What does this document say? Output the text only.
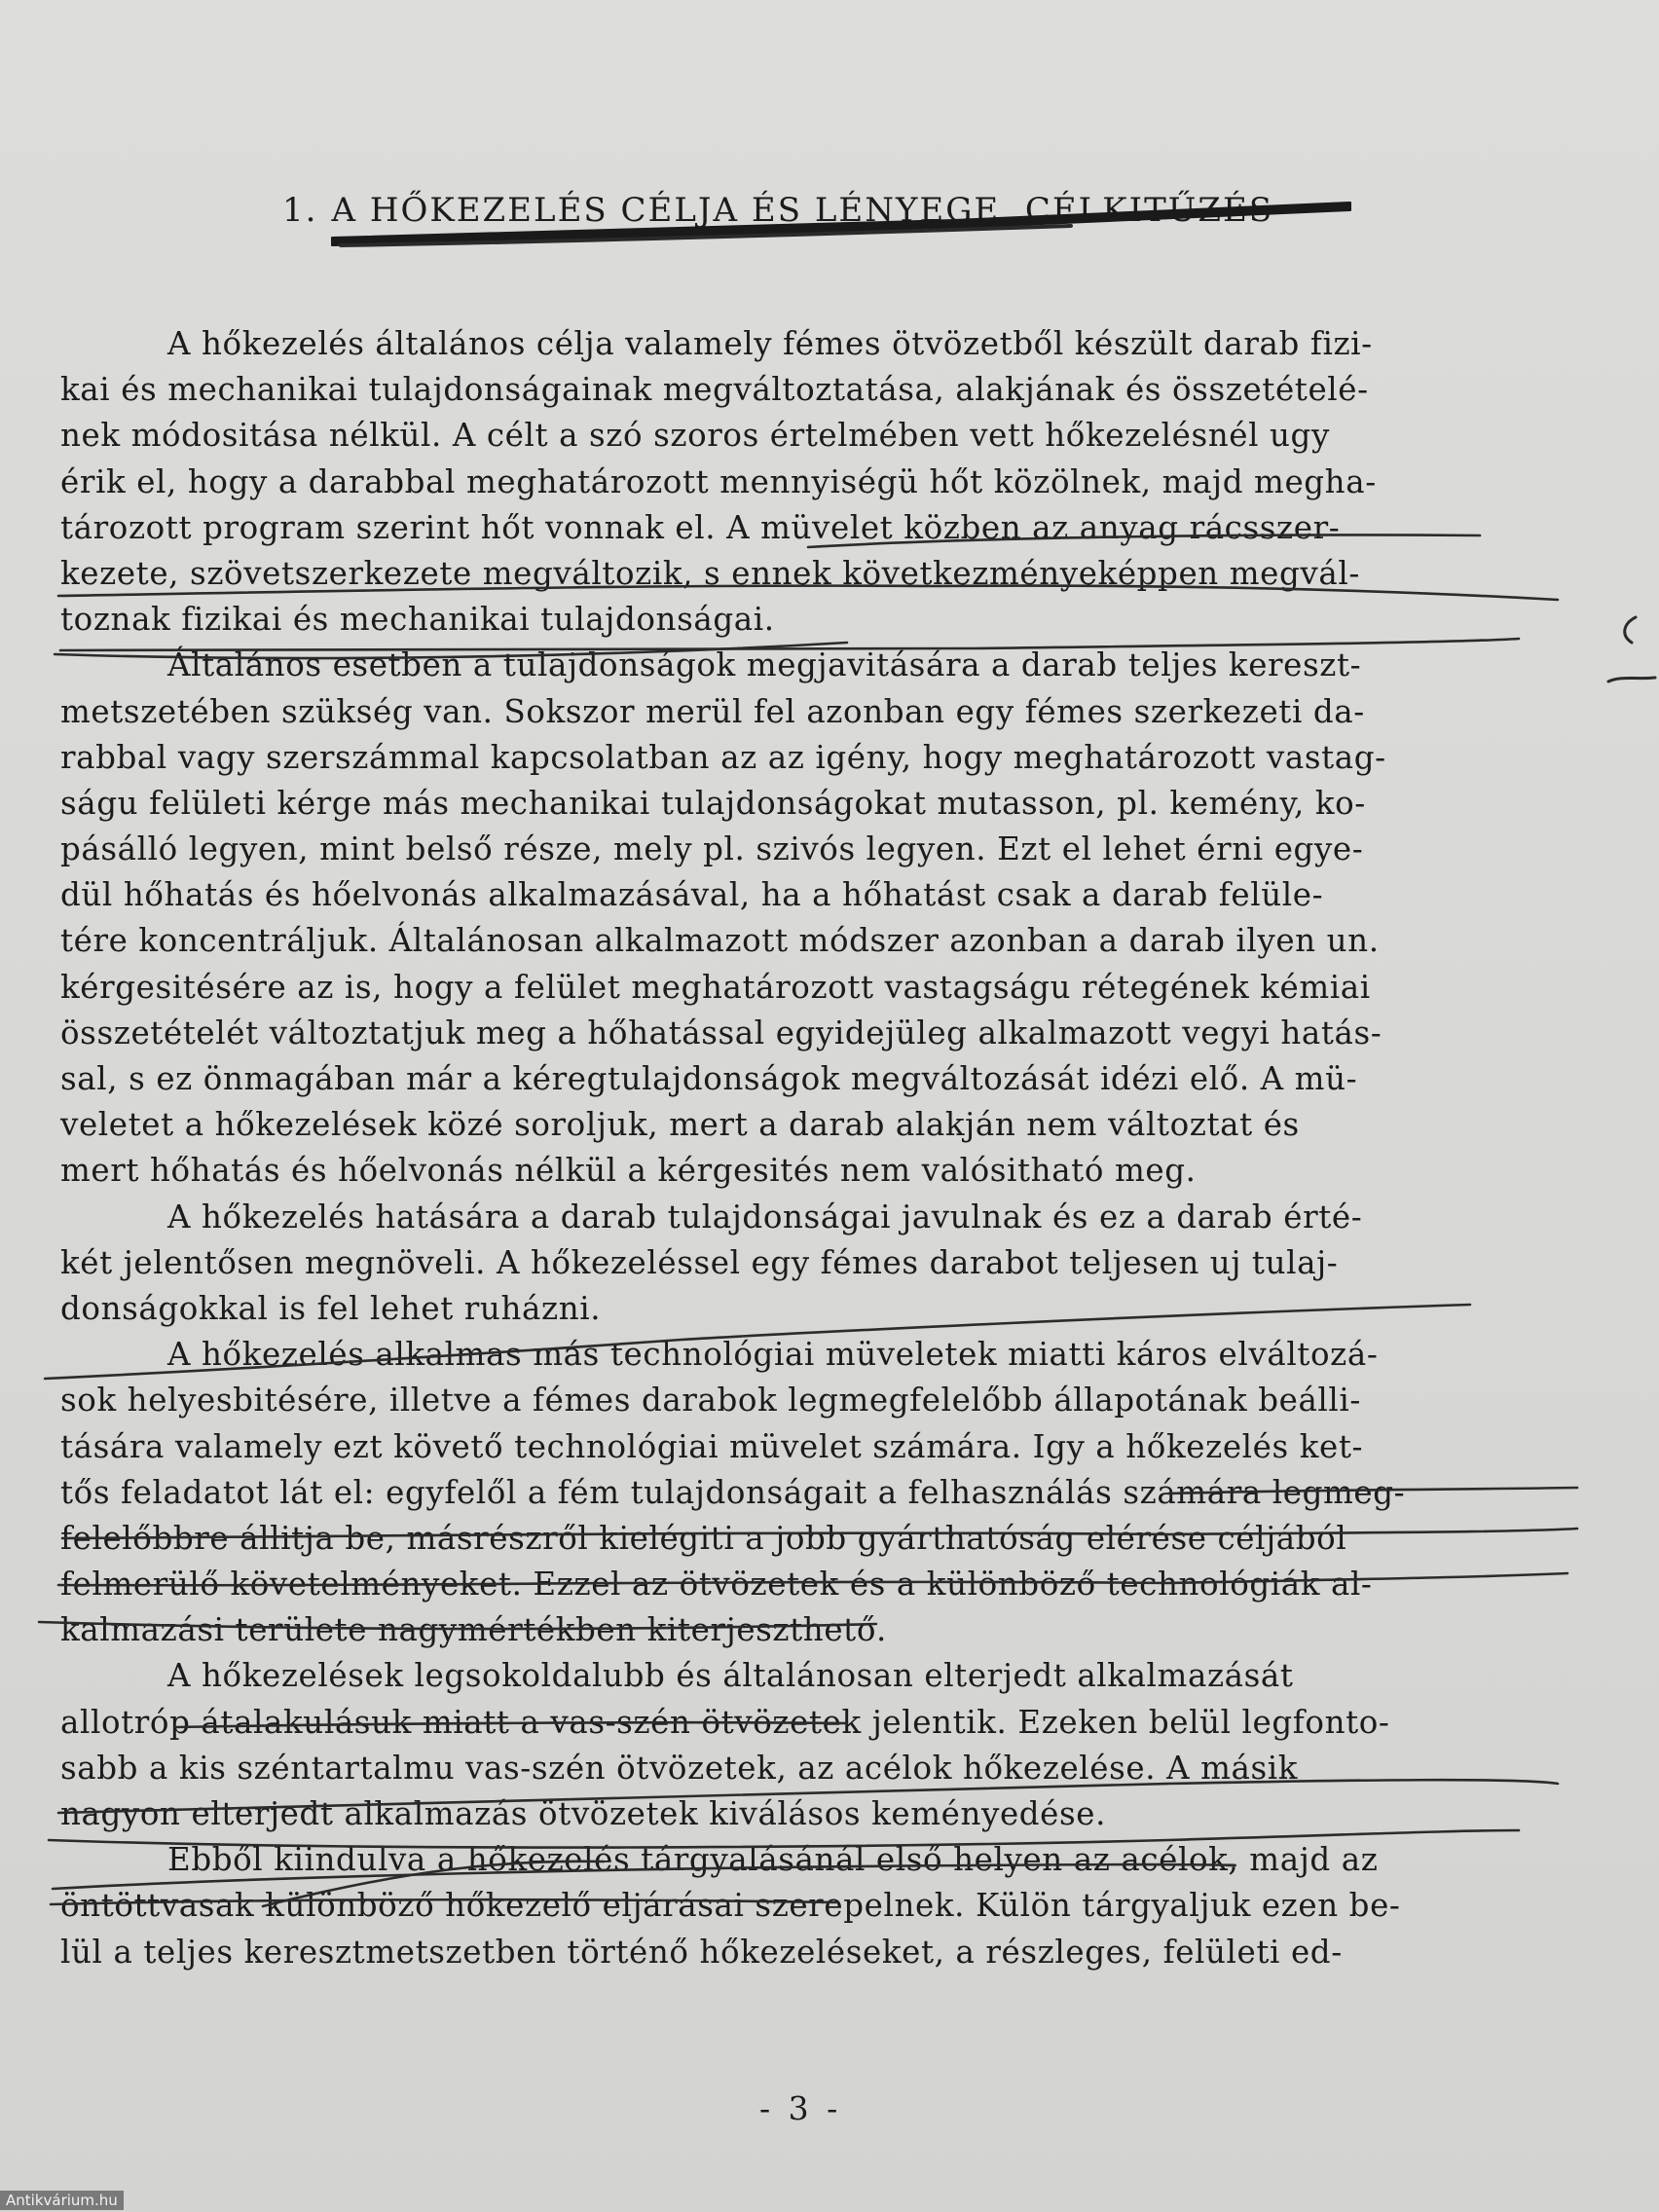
1. A HŐKEZELÉS CÉLJA ÉS LÉNYEGE, CÉLKITŰZÉS
A hőkezelés általános célja valamely fémes ötvözetből készült darab fizi-
kai és mechanikai tulajdonságainak megváltoztatása, alakjának és összetételé-
nek módositása nélkül. A célt a szó szoros értelmében vett hőkezelésnél ugy
érik el, hogy a darabbal meghatározott mennyiségü hőt közölnek, majd megha-
tározott program szerint hőt vonnak el. A müvelet közben az anyag rácsszer-
kezete, szövetszerkezete megváltozik, s ennek következményeképpen megvál-
toznak fizikai és mechanikai tulajdonságai.
Általános esetben a tulajdonságok megjavitására a darab teljes kereszt-
metszetében szükség van. Sokszor merül fel azonban egy fémes szerkezeti da-
rabbal vagy szerszámmal kapcsolatban az az igény, hogy meghatározott vastag-
ságu felületi kérge más mechanikai tulajdonságokat mutasson, pl. kemény, ko-
pásálló legyen, mint belső része, mely pl. szivós legyen. Ezt el lehet érni egye-
dül hőhatás és hőelvonás alkalmazásával, ha a hőhatást csak a darab felüle-
tére koncentráljuk. Általánosan alkalmazott módszer azonban a darab ilyen un.
kérgesitésére az is, hogy a felület meghatározott vastagságu rétegének kémiai
összetételét változtatjuk meg a hőhatással egyidejüleg alkalmazott vegyi hatás-
sal, s ez önmagában már a kéregtulajdonságok megváltozását idézi elő. A mü-
veletet a hőkezelések közé soroljuk, mert a darab alakján nem változtat és
mert hőhatás és hőelvonás nélkül a kérgesités nem valósitható meg.
A hőkezelés hatására a darab tulajdonságai javulnak és ez a darab érté-
két jelentősen megnöveli. A hőkezeléssel egy fémes darabot teljesen uj tulaj-
donságokkal is fel lehet ruházni.
A hőkezelés alkalmas más technológiai müveletek miatti káros elváltozá-
sok helyesbitésére, illetve a fémes darabok legmegfelelőbb állapotának beálli-
tására valamely ezt követő technológiai müvelet számára. Igy a hőkezelés ket-
tős feladatot lát el: egyfelől a fém tulajdonságait a felhasználás számára legmeg-
felelőbbre állitja be, másrészről kielégiti a jobb gyárthatóság elérése céljából
felmerülő követelményeket. Ezzel az ötvözetek és a különböző technológiák al-
kalmazási területe nagymértékben kiterjeszthető.
A hőkezelések legsokoldalubb és általánosan elterjedt alkalmazását
allotróp átalakulásuk miatt a vas-szén ötvözetek jelentik. Ezeken belül legfonto-
sabb a kis széntartalmu vas-szén ötvözetek, az acélok hőkezelése. A másik
nagyon elterjedt alkalmazás ötvözetek kiválásos keményedése.
Ebből kiindulva a hőkezelés tárgyalásánál első helyen az acélok, majd az
öntöttvasak különböző hőkezelő eljárásai szerepelnek. Külön tárgyaljuk ezen be-
lül a teljes keresztmetszetben történő hőkezeléseket, a részleges, felületi ed-
- 3 -
Antikvárium.hu
